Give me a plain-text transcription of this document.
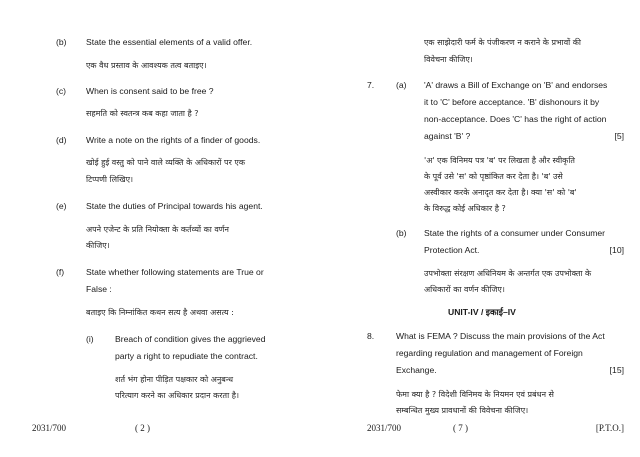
(b) State the essential elements of a valid offer.
एक वैध प्रस्ताव के आवश्यक तत्व बताइए।
(c) When is consent said to be free ?
सहमति को स्वतन्त्र कब कहा जाता है ?
(d) Write a note on the rights of a finder of goods.
खोई हुई वस्तु को पाने वाले व्यक्ति के अधिकारों पर एक
टिप्पणी लिखिए।
(e) State the duties of Principal towards his agent.
अपने एजेन्ट के प्रति नियोक्ता के कर्तव्यों का वर्णन
कीजिए।
(f)	State whether following statements are True or
False :
बताइए कि निम्नांकित कथन सत्य है अथवा असत्य :
(i) Breach of condition gives the aggrieved
party a right to repudiate the contract.
शर्त भंग होना पीड़ित पक्षकार को अनुबन्ध
परित्याग करने का अधिकार प्रदान करता है।
2031/700	( 2 )
एक साझेदारी फर्म के पंजीकरण न कराने के प्रभावों की
विवेचना कीजिए।
7.	(a) 'A' draws a Bill of Exchange on 'B' and endorses
it to 'C' before acceptance. 'B' dishonours it by
non-acceptance. Does 'C' has the right of action
against 'B' ?	[5]
'अ' एक विनिमय पत्र 'ब' पर लिखता है और स्वीकृति
के पूर्व उसे 'स' को पृष्ठांकित कर देता है। 'ब' उसे
अस्वीकार करके अनादृत कर देता है। क्या 'स' को 'ब'
के विरुद्ध कोई अधिकार है ?
(b) State the rights of a consumer under Consumer
Protection Act.	[10]
उपभोक्ता संरक्षण अधिनियम के अन्तर्गत एक उपभोक्ता के
अधिकारों का वर्णन कीजिए।
UNIT-IV / इकाई–IV
8.	What is FEMA ? Discuss the main provisions of the Act
regarding regulation and management of Foreign
Exchange.	[15]
फेमा क्या है ? विदेशी विनिमय के नियमन एवं प्रबंधन से
सम्बन्धित मुख्य प्रावधानों की विवेचना कीजिए।
2031/700	( 7 )	[P.T.O.]
